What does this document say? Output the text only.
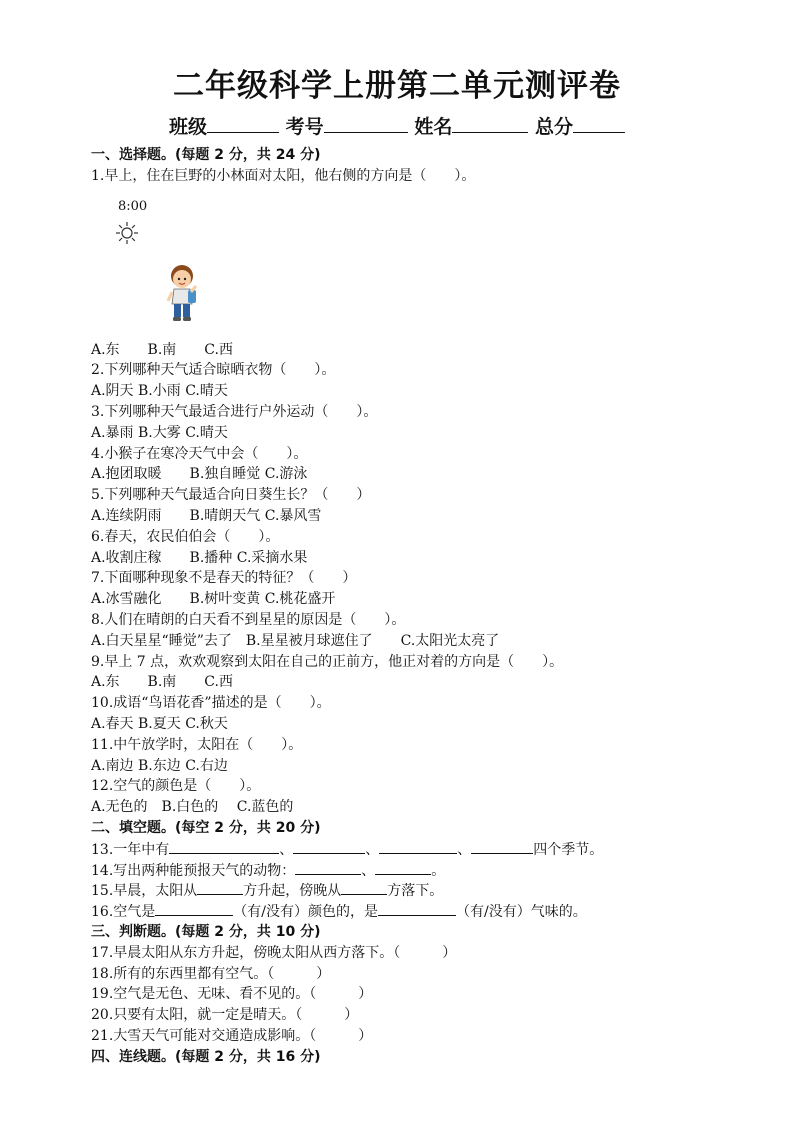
二年级科学上册第二单元测评卷
班级	考号	姓名	总分
一、选择题。(每题 2 分，共 24 分)
1.早上，住在巨野的小林面对太阳，他右侧的方向是（　　）。
8:00
A.东　　B.南　　C.西
2.下列哪种天气适合晾晒衣物（　　）。
A.阴天 B.小雨 C.晴天
3.下列哪种天气最适合进行户外运动（　　）。
A.暴雨 B.大雾 C.晴天
4.小猴子在寒冷天气中会（　　）。
A.抱团取暖　　B.独自睡觉 C.游泳
5.下列哪种天气最适合向日葵生长？（　　）
A.连续阴雨　　B.晴朗天气 C.暴风雪
6.春天，农民伯伯会（　　）。
A.收割庄稼　　B.播种 C.采摘水果
7.下面哪种现象不是春天的特征？（　　）
A.冰雪融化　　B.树叶变黄 C.桃花盛开
8.人们在晴朗的白天看不到星星的原因是（　　）。
A.白天星星“睡觉”去了　B.星星被月球遮住了　　C.太阳光太亮了
9.早上 7 点，欢欢观察到太阳在自己的正前方，他正对着的方向是（　　）。
A.东　　B.南　　C.西
10.成语“鸟语花香”描述的是（　　）。
A.春天 B.夏天 C.秋天
11.中午放学时，太阳在（　　）。
A.南边 B.东边 C.右边
12.空气的颜色是（　　）。
A.无色的　B.白色的　 C.蓝色的
二、填空题。(每空 2 分，共 20 分)
13.一年中有	、	、	、	四个季节。
14.写出两种能预报天气的动物：	、	。
15.早晨，太阳从	方升起，傍晚从	方落下。
16.空气是	（有/没有）颜色的，是	（有/没有）气味的。
三、判断题。(每题 2 分，共 10 分)
17.早晨太阳从东方升起，傍晚太阳从西方落下。（　　　）
18.所有的东西里都有空气。（　　　）
19.空气是无色、无味、看不见的。（　　　）
20.只要有太阳，就一定是晴天。（　　　）
21.大雪天气可能对交通造成影响。（　　　）
四、连线题。(每题 2 分，共 16 分)
